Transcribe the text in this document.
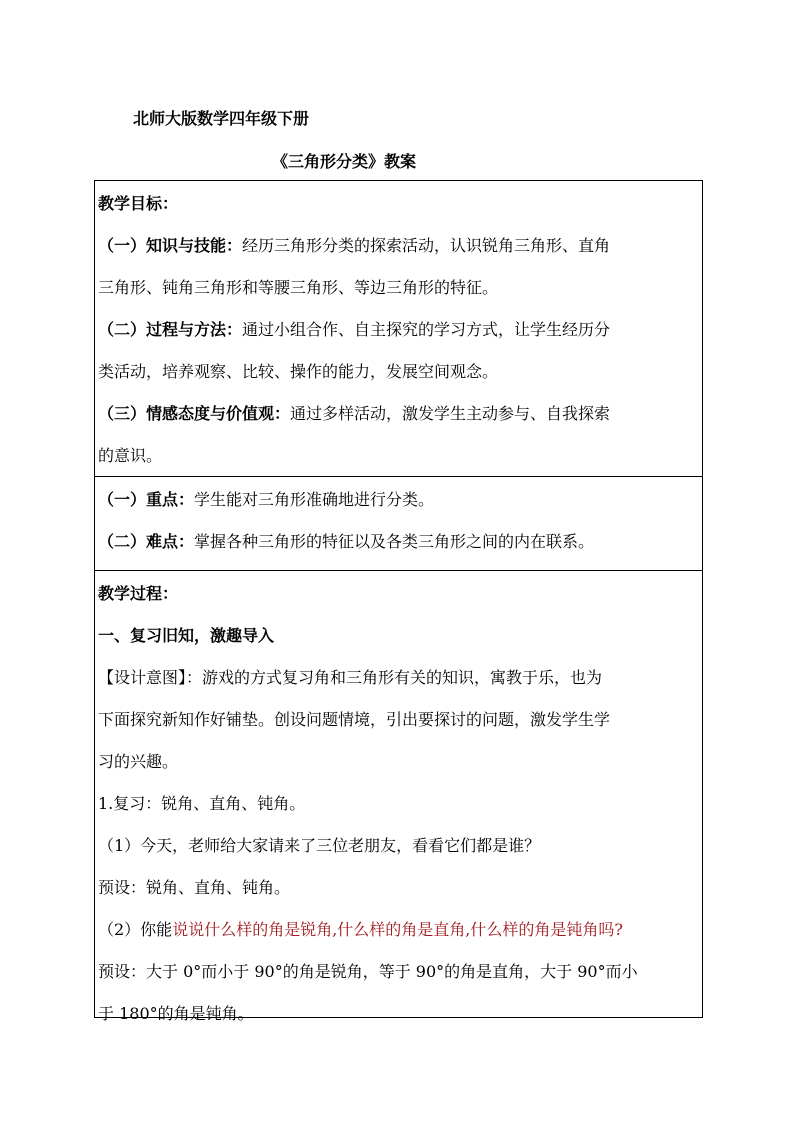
北师大版数学四年级下册
《三角形分类》教案
教学目标：
（一）知识与技能：经历三角形分类的探索活动，认识锐角三角形、直角
三角形、钝角三角形和等腰三角形、等边三角形的特征。
（二）过程与方法：通过小组合作、自主探究的学习方式，让学生经历分
类活动，培养观察、比较、操作的能力，发展空间观念。
（三）情感态度与价值观：通过多样活动，激发学生主动参与、自我探索
的意识。
（一）重点：学生能对三角形准确地进行分类。
（二）难点：掌握各种三角形的特征以及各类三角形之间的内在联系。
教学过程：
一、复习旧知，激趣导入
【设计意图】：游戏的方式复习角和三角形有关的知识，寓教于乐，也为
下面探究新知作好铺垫。创设问题情境，引出要探讨的问题，激发学生学
习的兴趣。
1.复习：锐角、直角、钝角。
（1）今天，老师给大家请来了三位老朋友，看看它们都是谁？
预设：锐角、直角、钝角。
（2）你能说说什么样的角是锐角,什么样的角是直角,什么样的角是钝角吗?
预设：大于 0°而小于 90°的角是锐角，等于 90°的角是直角，大于 90°而小
于 180°的角是钝角。
